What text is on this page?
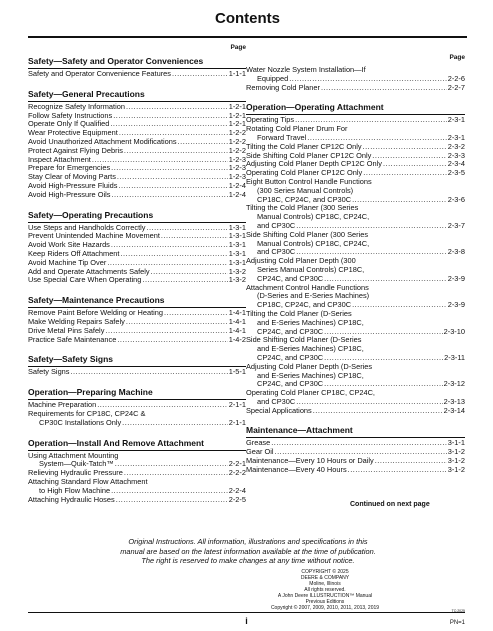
Contents
Page
Safety—Safety and Operator Conveniences
Safety and Operator Convenience Features .....	1-1-1
Safety—General Precautions
Recognize Safety Information .....	1-2-1
Follow Safety Instructions .....	1-2-1
Operate Only If Qualified .....	1-2-1
Wear Protective Equipment .....	1-2-2
Avoid Unauthorized Attachment Modifications .....	1-2-2
Protect Against Flying Debris .....	1-2-2
Inspect Attachment .....	1-2-3
Prepare for Emergencies .....	1-2-3
Stay Clear of Moving Parts .....	1-2-3
Avoid High-Pressure Fluids .....	1-2-4
Avoid High-Pressure Oils .....	1-2-4
Safety—Operating Precautions
Use Steps and Handholds Correctly .....	1-3-1
Prevent Unintended Machine Movement .....	1-3-1
Avoid Work Site Hazards .....	1-3-1
Keep Riders Off Attachment .....	1-3-1
Avoid Machine Tip Over .....	1-3-1
Add and Operate Attachments Safely .....	1-3-2
Use Special Care When Operating .....	1-3-2
Safety—Maintenance Precautions
Remove Paint Before Welding or Heating .....	1-4-1
Make Welding Repairs Safely .....	1-4-1
Drive Metal Pins Safely .....	1-4-1
Practice Safe Maintenance .....	1-4-2
Safety—Safety Signs
Safety Signs .....	1-5-1
Operation—Preparing Machine
Machine Preparation .....	2-1-1
Requirements for CP18C, CP24C &
CP30C Installations Only .....	2-1-1
Operation—Install And Remove Attachment
Using Attachment Mounting
System—Quik-Tatch™ .....	2-2-1
Relieving Hydraulic Pressure .....	2-2-2
Attaching Standard Flow Attachment
to High Flow Machine .....	2-2-4
Attaching Hydraulic Hoses .....	2-2-5
Page
Water Nozzle System Installation—If
Equipped .....	2-2-6
Removing Cold Planer .....	2-2-7
Operation—Operating Attachment
Operating Tips .....	2-3-1
Rotating Cold Planer Drum For
Forward Travel .....	2-3-1
Tilting the Cold Planer CP12C Only .....	2-3-2
Side Shifting Cold Planer CP12C Only .....	2-3-3
Adjusting Cold Planer Depth CP12C Only .....	2-3-4
Operating Cold Planer CP12C Only .....	2-3-5
Eight Button Control Handle Functions
(300 Series Manual Controls)
CP18C, CP24C, and CP30C .....	2-3-6
Tilting the Cold Planer (300 Series
Manual Controls) CP18C, CP24C,
and CP30C .....	2-3-7
Side Shifting Cold Planer (300 Series
Manual Controls) CP18C, CP24C,
and CP30C .....	2-3-8
Adjusting Cold Planer Depth (300
Series Manual Controls) CP18C,
CP24C, and CP30C .....	2-3-9
Attachment Control Handle Functions
(D-Series and E-Series Machines)
CP18C, CP24C, and CP30C .....	2-3-9
Tilting the Cold Planer (D-Series
and E-Series Machines) CP18C,
CP24C, and CP30C .....	2-3-10
Side Shifting Cold Planer (D-Series
and E-Series Machines) CP18C,
CP24C, and CP30C .....	2-3-11
Adjusting Cold Planer Depth (D-Series
and E-Series Machines) CP18C,
CP24C, and CP30C .....	2-3-12
Operating Cold Planer CP18C, CP24C,
and CP30C .....	2-3-13
Special Applications .....	2-3-14
Maintenance—Attachment
Grease .....	3-1-1
Gear Oil .....	3-1-2
Maintenance—Every 10 Hours or Daily .....	3-1-2
Maintenance—Every 40 Hours .....	3-1-2
Continued on next page
Original Instructions. All information, illustrations and specifications in this
manual are based on the latest information available at the time of publication.
The right is reserved to make changes at any time without notice.
COPYRIGHT © 2025
DEERE & COMPANY
Moline, Illinois
All rights reserved.
A John Deere ILLUSTRUCTION™ Manual
Previous Editions
Copyright © 2007, 2009, 2010, 2011, 2013, 2019	TC:2025
i	PN=1
